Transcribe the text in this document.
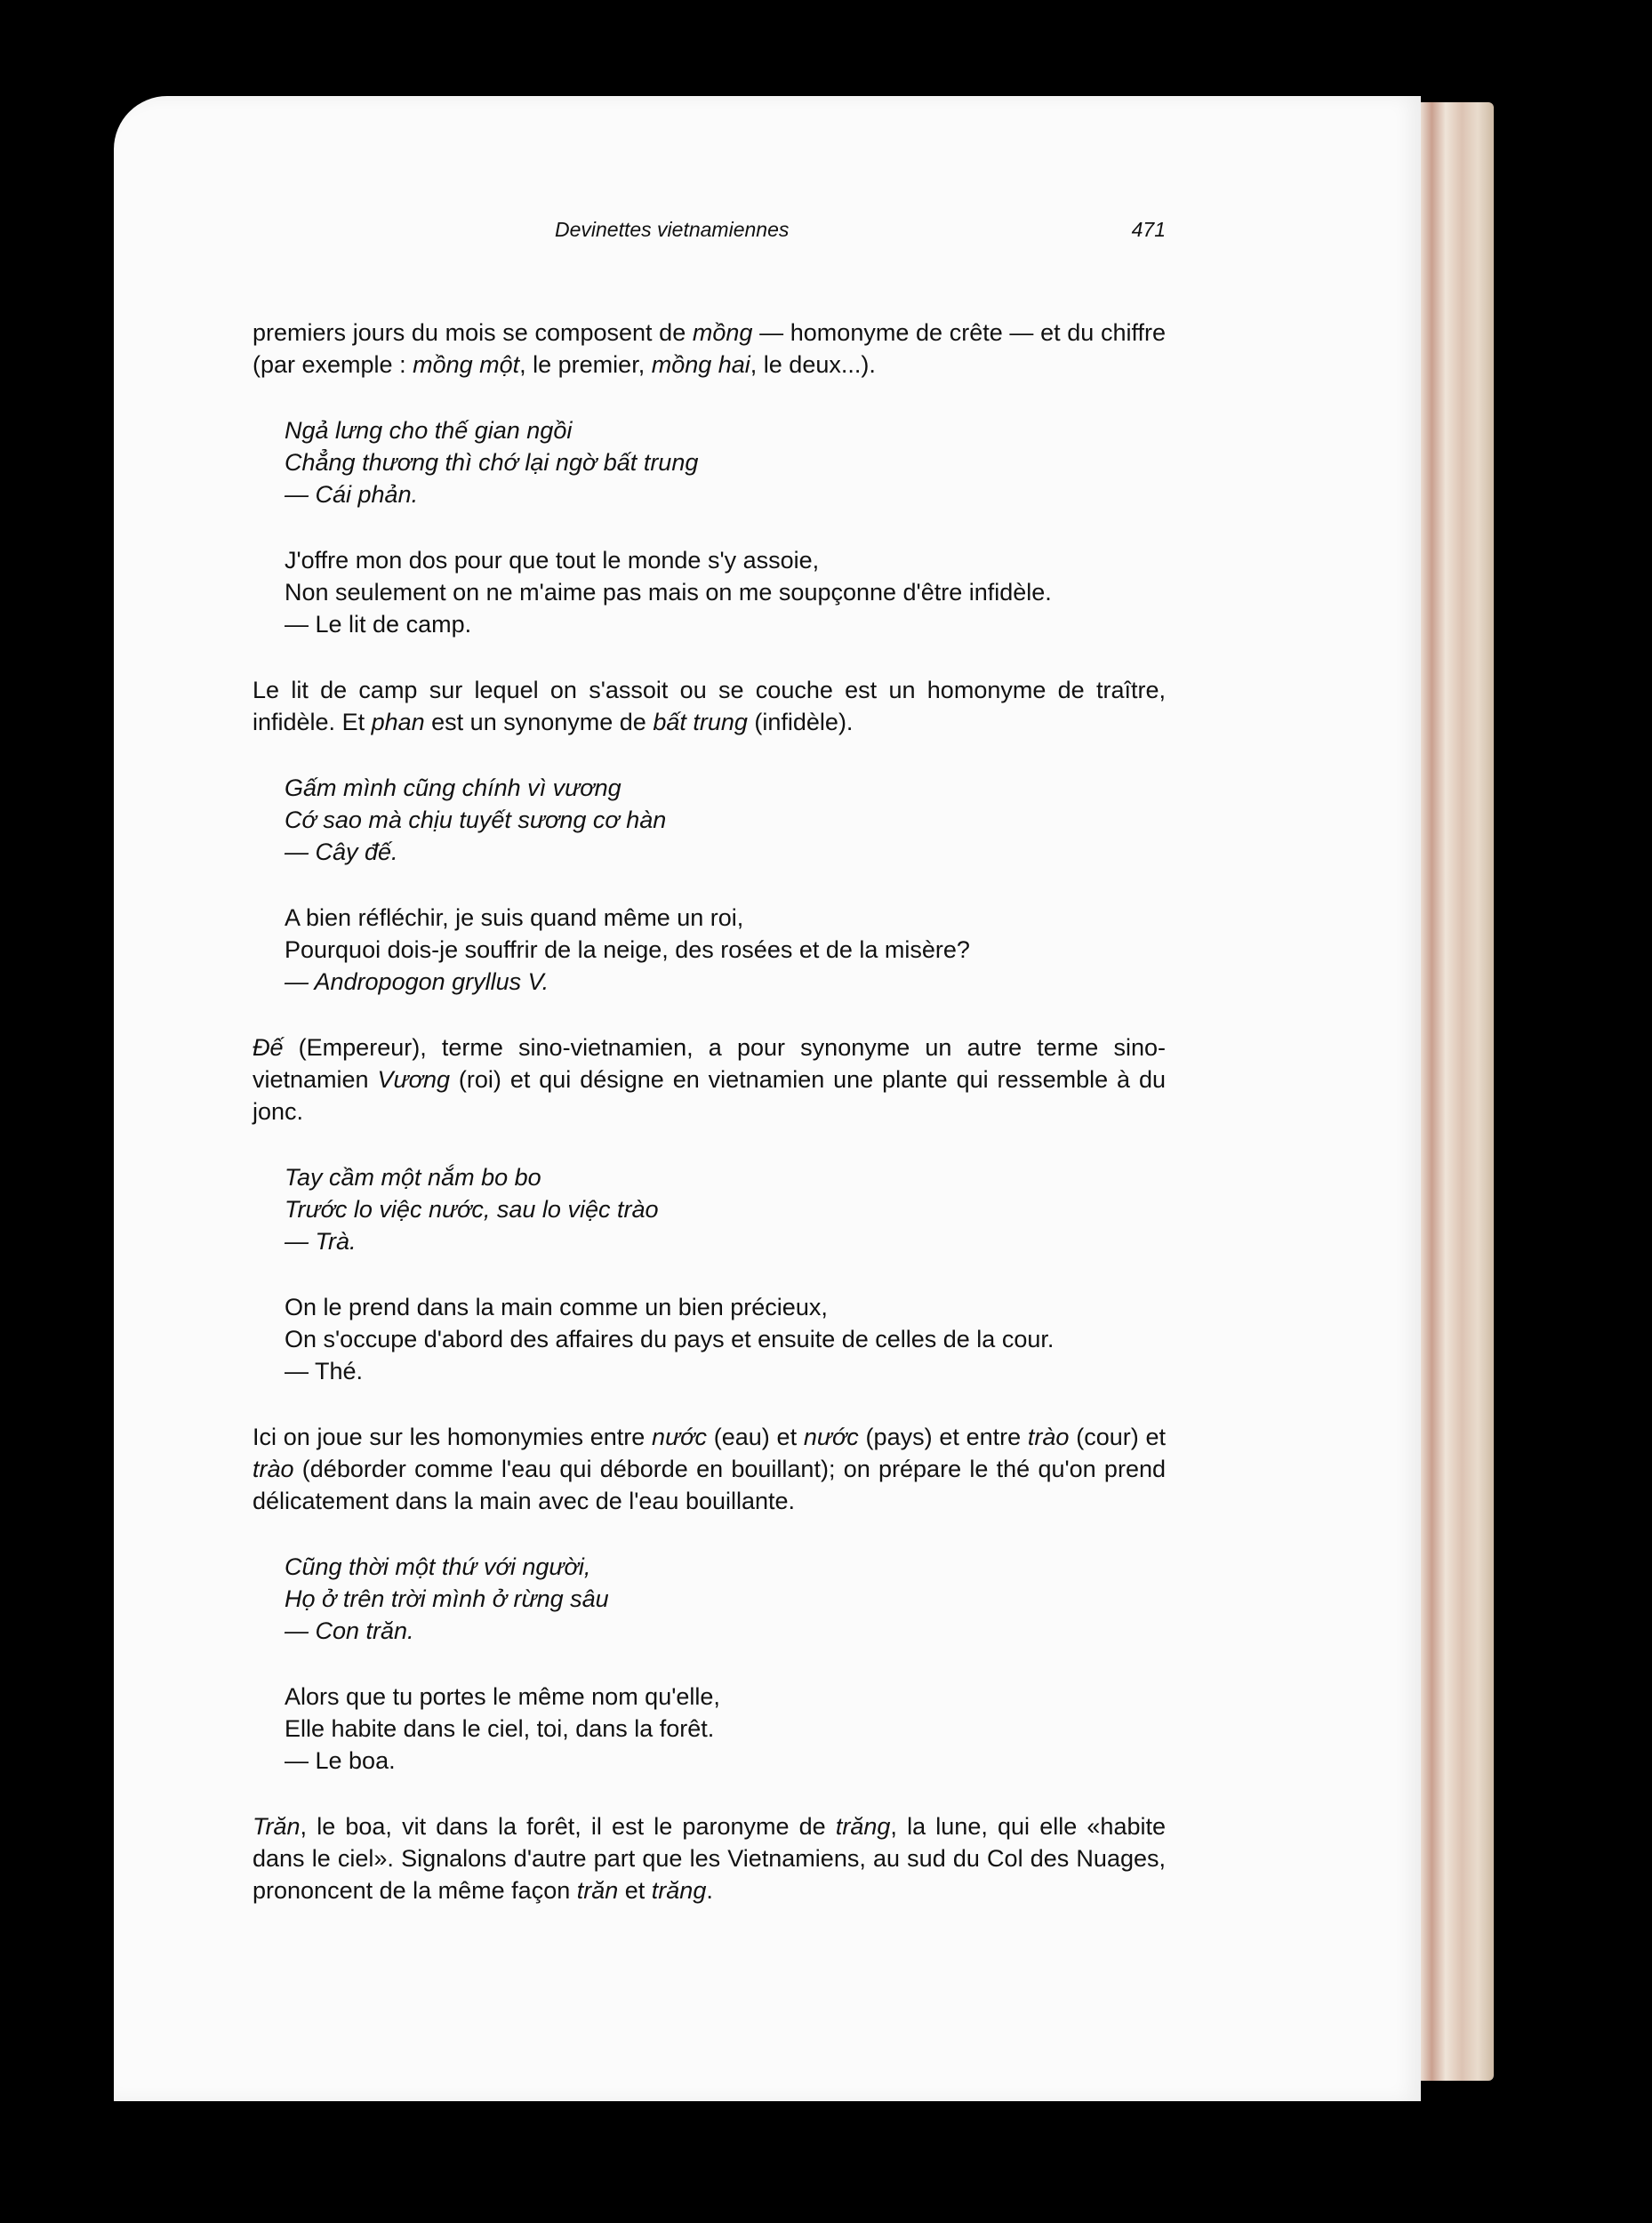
Devinettes vietnamiennes	471

premiers jours du mois se composent de mồng — homonyme de crête — et du chiffre (par exemple : mồng một, le premier, mồng hai, le deux...).

Ngả lưng cho thế gian ngồi
Chẳng thương thì chớ lại ngờ bất trung
— Cái phản.
J'offre mon dos pour que tout le monde s'y assoie,
Non seulement on ne m'aime pas mais on me soupçonne d'être infidèle.
— Le lit de camp.

Le lit de camp sur lequel on s'assoit ou se couche est un homonyme de traître, infidèle. Et phan est un synonyme de bất trung (infidèle).

Gấm mình cũng chính vì vương
Cớ sao mà chịu tuyết sương cơ hàn
— Cây đế.
A bien réfléchir, je suis quand même un roi,
Pourquoi dois-je souffrir de la neige, des rosées et de la misère?
— Andropogon gryllus V.

Đế (Empereur), terme sino-vietnamien, a pour synonyme un autre terme sino-vietnamien Vương (roi) et qui désigne en vietnamien une plante qui ressemble à du jonc.

Tay cầm một nắm bo bo
Trước lo việc nước, sau lo việc trào
— Trà.
On le prend dans la main comme un bien précieux,
On s'occupe d'abord des affaires du pays et ensuite de celles de la cour.
— Thé.

Ici on joue sur les homonymies entre nước (eau) et nước (pays) et entre trào (cour) et trào (déborder comme l'eau qui déborde en bouillant); on prépare le thé qu'on prend délicatement dans la main avec de l'eau bouillante.

Cũng thời một thứ với người,
Họ ở trên trời mình ở rừng sâu
— Con trăn.
Alors que tu portes le même nom qu'elle,
Elle habite dans le ciel, toi, dans la forêt.
— Le boa.

Trăn, le boa, vit dans la forêt, il est le paronyme de trăng, la lune, qui elle «habite dans le ciel». Signalons d'autre part que les Vietnamiens, au sud du Col des Nuages, prononcent de la même façon trăn et trăng.
